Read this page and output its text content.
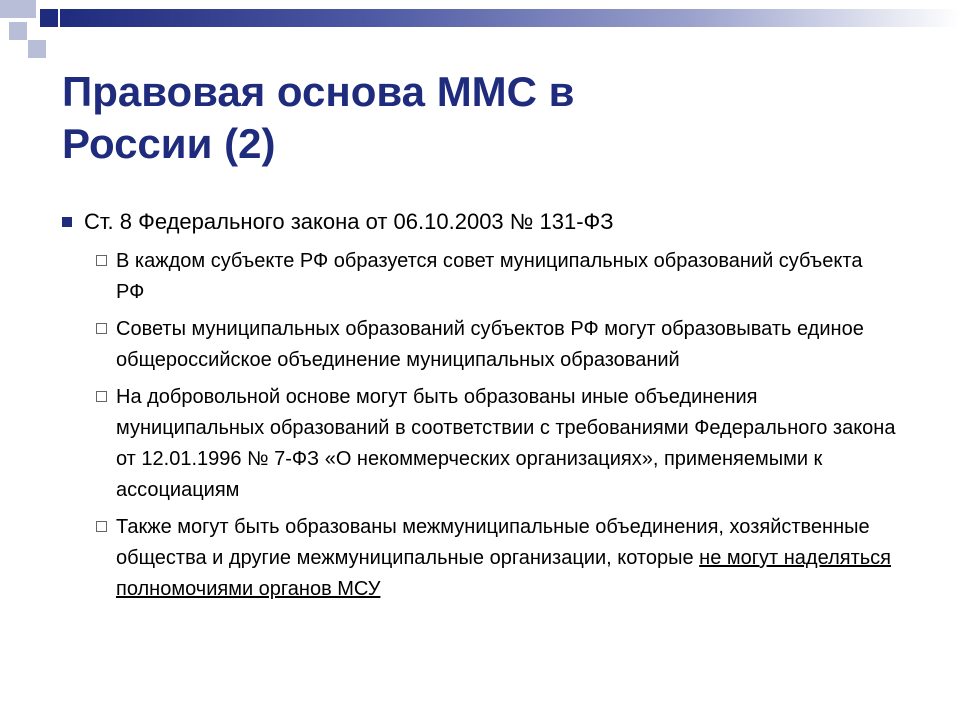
Правовая основа ММС в
России (2)
Ст. 8 Федерального закона от 06.10.2003 № 131-ФЗ
В каждом субъекте РФ образуется совет муниципальных образований субъекта РФ
Советы муниципальных образований субъектов РФ могут образовывать единое общероссийское объединение муниципальных образований
На добровольной основе могут быть образованы иные объединения муниципальных образований в соответствии с требованиями Федерального закона от 12.01.1996 № 7-ФЗ «О некоммерческих организациях», применяемыми к ассоциациям
Также могут быть образованы межмуниципальные объединения, хозяйственные общества и другие межмуниципальные организации, которые не могут наделяться полномочиями органов МСУ
